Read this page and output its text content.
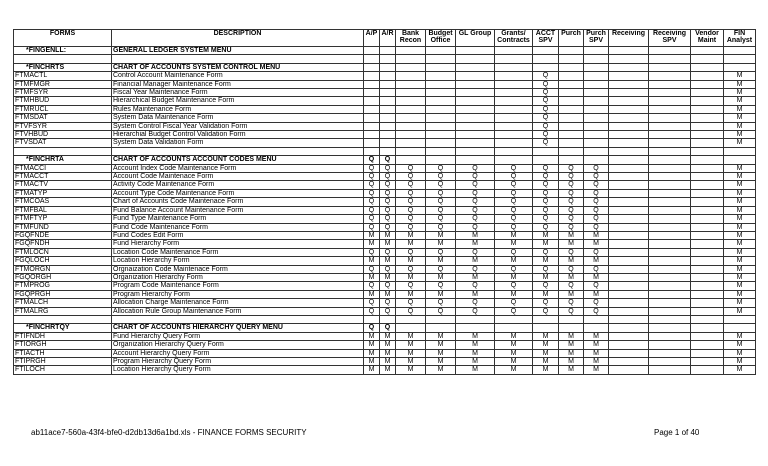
FORMS	DESCRIPTION	A/P	A/R	Bank Recon	Budget Office	GL Group	Grants/ Contracts	ACCT SPV	Purch	Purch SPV	Receiving	Receiving SPV	Vendor Maint	FIN Analyst
*FINGENLL:	GENERAL LEDGER SYSTEM MENU													

*FINCHRTS	CHART OF ACCOUNTS SYSTEM CONTROL MENU													
FTMACTL	Control Account Maintenance Form							Q						M
FTMFMGR	Financial Manager Maintenance Form							Q						M
FTMFSYR	Fiscal Year Maintenance Form							Q						M
FTMHBUD	Hierarchical Budget Maintenance Form							Q						M
FTMRUCL	Rules Maintenance Form							Q						M
FTMSDAT	System Data Maintenance Form							Q						M
FTVFSYR	System Control Fiscal Year Validation Form							Q						M
FTVHBUD	Hierarchial Budget Control Validation Form							Q						M
FTVSDAT	System Data Validation Form							Q						M

*FINCHRTA	CHART OF ACCOUNTS ACCOUNT CODES MENU	Q	Q											
FTMACCI	Account Index Code Maintenance Form	Q	Q	Q	Q	Q	Q	Q	Q	Q				M
FTMACCT	Account Code Maintenace Form	Q	Q	Q	Q	Q	Q	Q	Q	Q				M
FTMACTV	Activity Code Maintenance Form	Q	Q	Q	Q	Q	Q	Q	Q	Q				M
FTMATYP	Account Type Code Maintenance Form	Q	Q	Q	Q	Q	Q	Q	Q	Q				M
FTMCOAS	Chart of Accounts Code Maintenace Form	Q	Q	Q	Q	Q	Q	Q	Q	Q				M
FTMFBAL	Fund Balance Account Maintenance Form	Q	Q	Q	Q	Q	Q	Q	Q	Q				M
FTMFTYP	Fund Type Maintenance Form	Q	Q	Q	Q	Q	Q	Q	Q	Q				M
FTMFUND	Fund Code Maintenance Form	Q	Q	Q	Q	Q	Q	Q	Q	Q				M
FGQFNDE	Fund Codes Edit Form	M	M	M	M	M	M	M	M	M				M
FGQFNDH	Fund Hierarchy Form	M	M	M	M	M	M	M	M	M				M
FTMLOCN	Location Code Maintenance Form	Q	Q	Q	Q	Q	Q	Q	Q	Q				M
FGQLOCH	Location Hierarchy Form	M	M	M	M	M	M	M	M	M				M
FTMORGN	Orgnaization Code Maintenace Form	Q	Q	Q	Q	Q	Q	Q	Q	Q				M
FGQORGH	Organization Hierarchy Form	M	M	M	M	M	M	M	M	M				M
FTMPROG	Program Code Maintenance Form	Q	Q	Q	Q	Q	Q	Q	Q	Q				M
FGQPRGH	Program Hierarchy Form	M	M	M	M	M	M	M	M	M				M
FTMALCH	Allocation Charge Maintenance Form	Q	Q	Q	Q	Q	Q	Q	Q	Q				M
FTMALRG	Allocation Rule Group Maintenance Form	Q	Q	Q	Q	Q	Q	Q	Q	Q				M

*FINCHRTQY	CHART OF ACCOUNTS HIERARCHY QUERY MENU	Q	Q											
FTIFNDH	Fund Hierarchy Query Form	M	M	M	M	M	M	M	M	M				M
FTIORGH	Organization Hierarchy Query Form	M	M	M	M	M	M	M	M	M				M
FTIACTH	Account Hierarchy Query Form	M	M	M	M	M	M	M	M	M				M
FTIPRGH	Program Hierarchy Query Form	M	M	M	M	M	M	M	M	M				M
FTILOCH	Location Hierarchy Query Form	M	M	M	M	M	M	M	M	M				M
ab11ace7-560a-43f4-bfe0-d2db13d6a1bd.xls - FINANCE FORMS SECURITY	Page 1 of 40
